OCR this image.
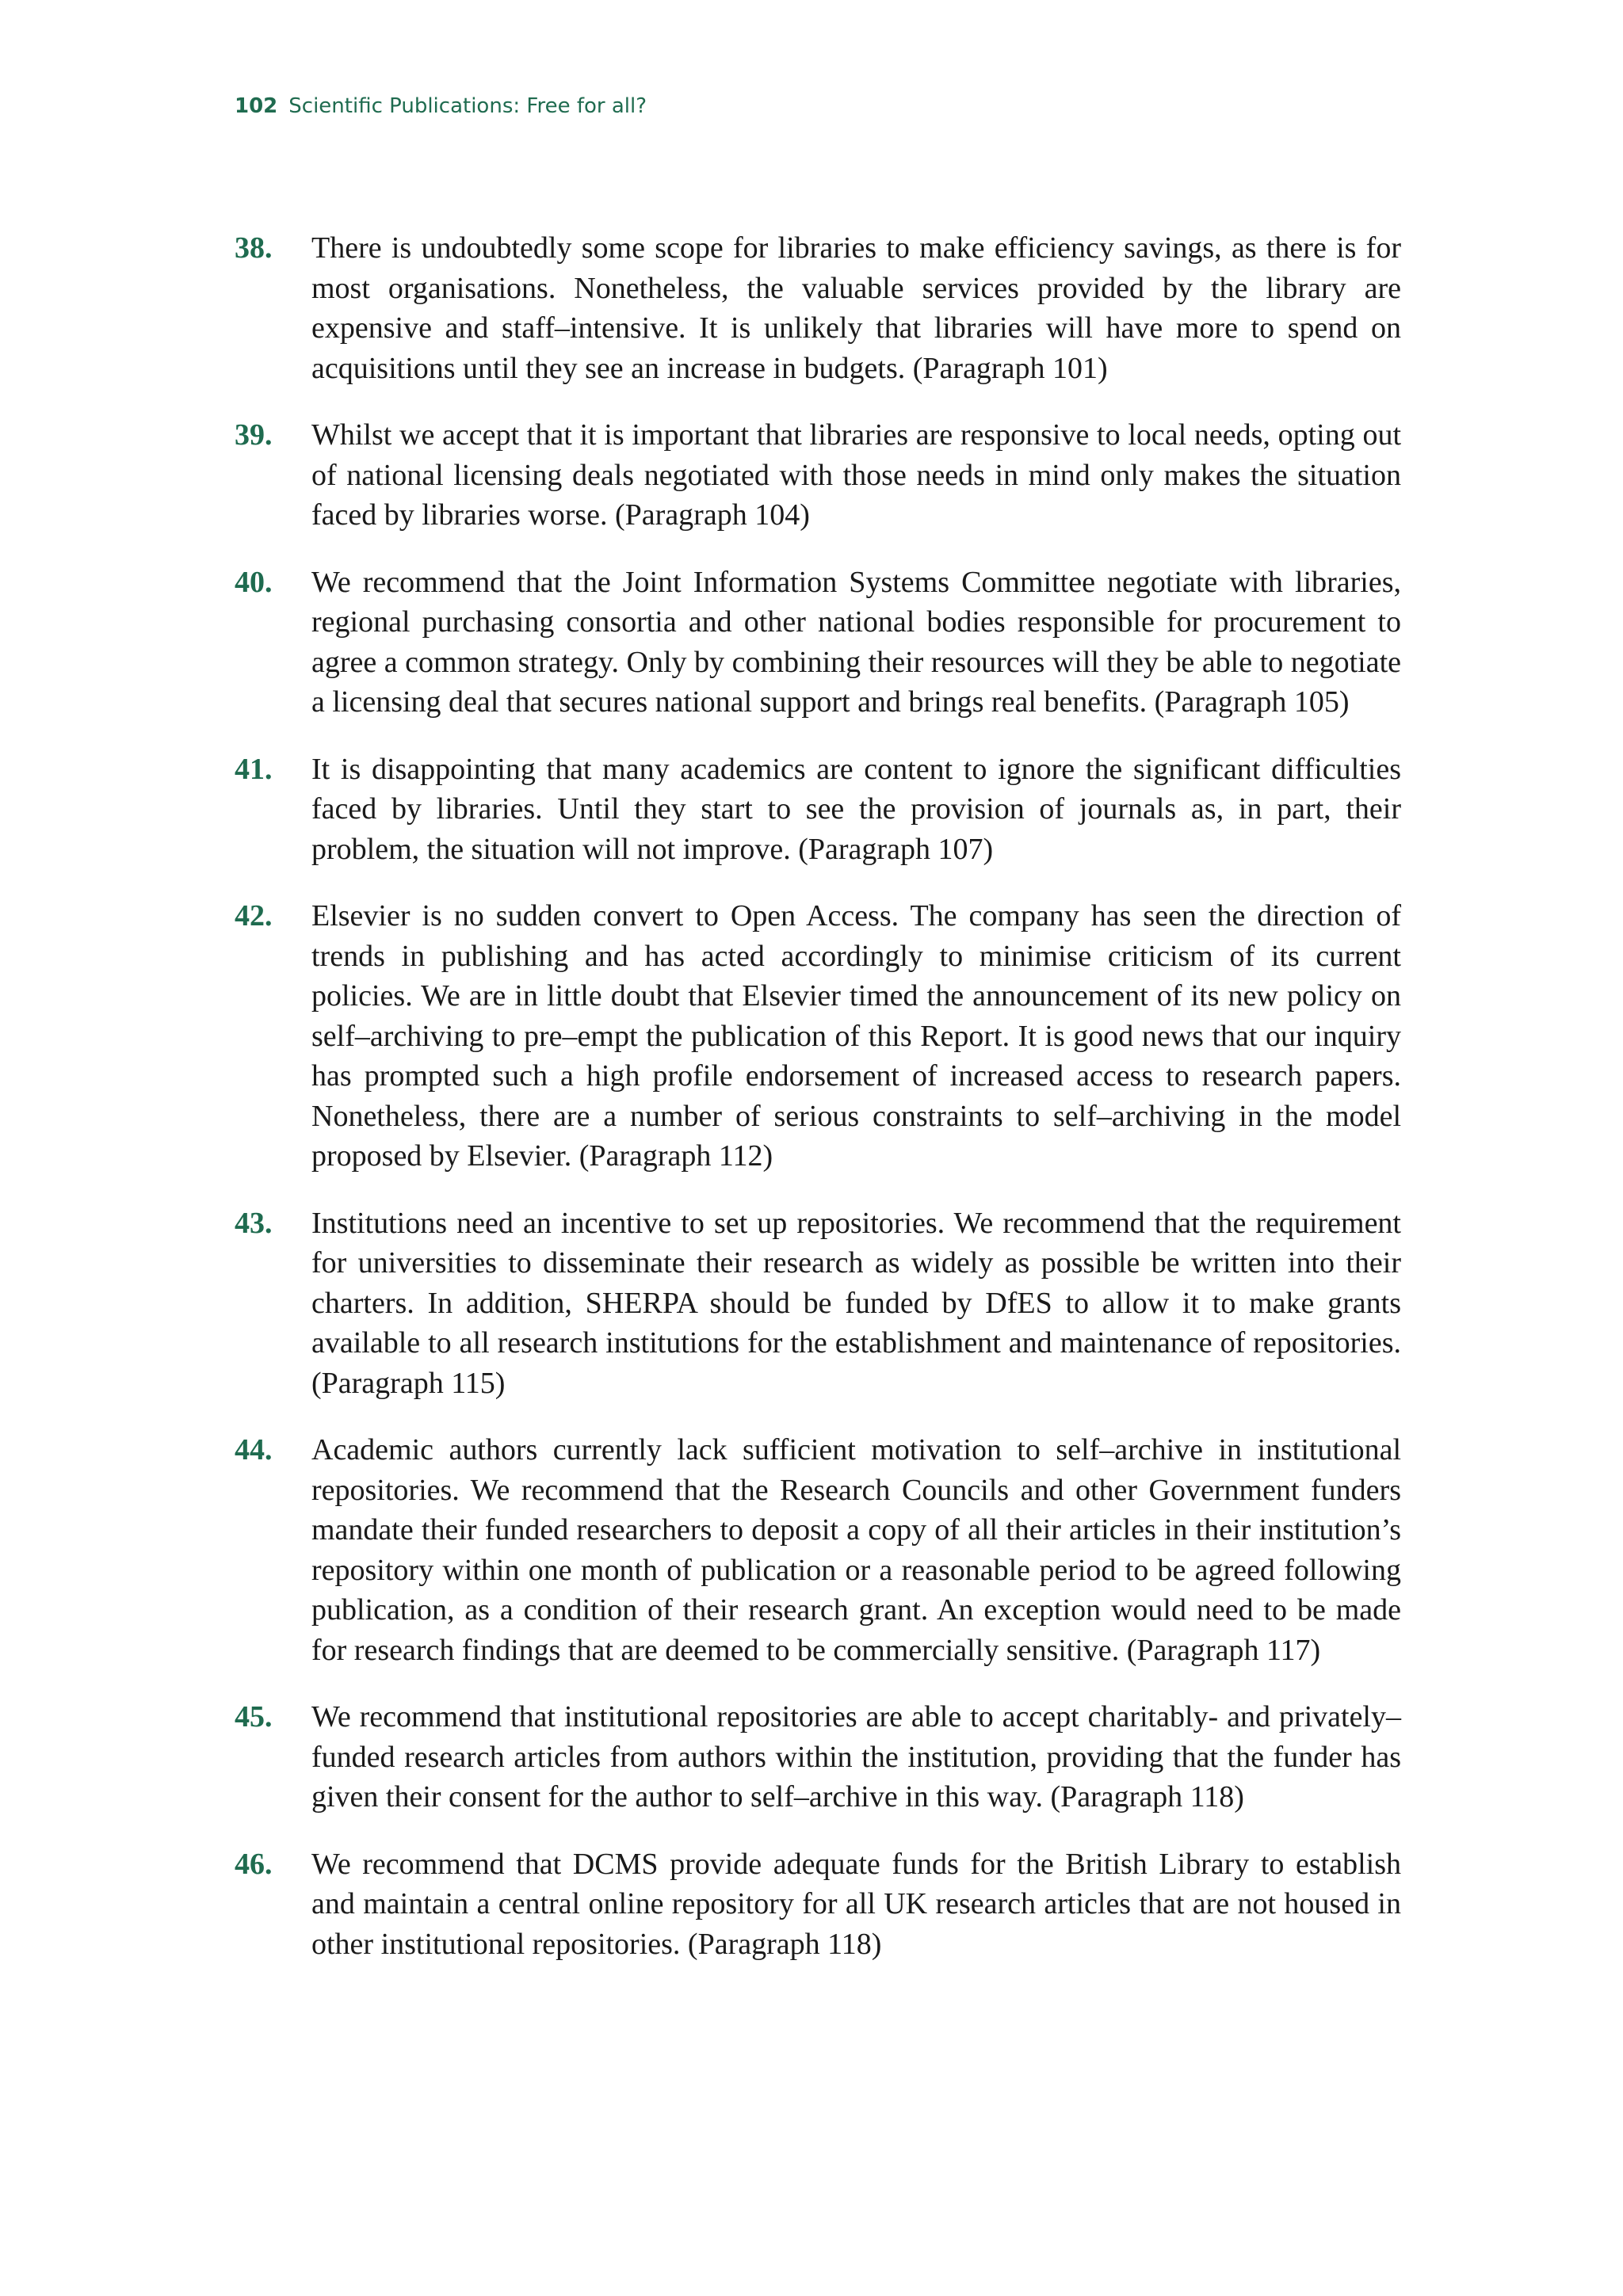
102 Scientific Publications: Free for all?
38. There is undoubtedly some scope for libraries to make efficiency savings, as there is for most organisations. Nonetheless, the valuable services provided by the library are expensive and staff–intensive. It is unlikely that libraries will have more to spend on acquisitions until they see an increase in budgets. (Paragraph 101)

39. Whilst we accept that it is important that libraries are responsive to local needs, opting out of national licensing deals negotiated with those needs in mind only makes the situation faced by libraries worse. (Paragraph 104)

40. We recommend that the Joint Information Systems Committee negotiate with libraries, regional purchasing consortia and other national bodies responsible for procurement to agree a common strategy. Only by combining their resources will they be able to negotiate a licensing deal that secures national support and brings real benefits. (Paragraph 105)

41. It is disappointing that many academics are content to ignore the significant difficulties faced by libraries. Until they start to see the provision of journals as, in part, their problem, the situation will not improve. (Paragraph 107)

42. Elsevier is no sudden convert to Open Access. The company has seen the direction of trends in publishing and has acted accordingly to minimise criticism of its current policies. We are in little doubt that Elsevier timed the announcement of its new policy on self–archiving to pre–empt the publication of this Report. It is good news that our inquiry has prompted such a high profile endorsement of increased access to research papers. Nonetheless, there are a number of serious constraints to self–archiving in the model proposed by Elsevier. (Paragraph 112)

43. Institutions need an incentive to set up repositories. We recommend that the requirement for universities to disseminate their research as widely as possible be written into their charters. In addition, SHERPA should be funded by DfES to allow it to make grants available to all research institutions for the establishment and maintenance of repositories. (Paragraph 115)

44. Academic authors currently lack sufficient motivation to self–archive in institutional repositories. We recommend that the Research Councils and other Government funders mandate their funded researchers to deposit a copy of all their articles in their institution’s repository within one month of publication or a reasonable period to be agreed following publication, as a condition of their research grant. An exception would need to be made for research findings that are deemed to be commercially sensitive. (Paragraph 117)

45. We recommend that institutional repositories are able to accept charitably- and privately–funded research articles from authors within the institution, providing that the funder has given their consent for the author to self–archive in this way. (Paragraph 118)

46. We recommend that DCMS provide adequate funds for the British Library to establish and maintain a central online repository for all UK research articles that are not housed in other institutional repositories. (Paragraph 118)
